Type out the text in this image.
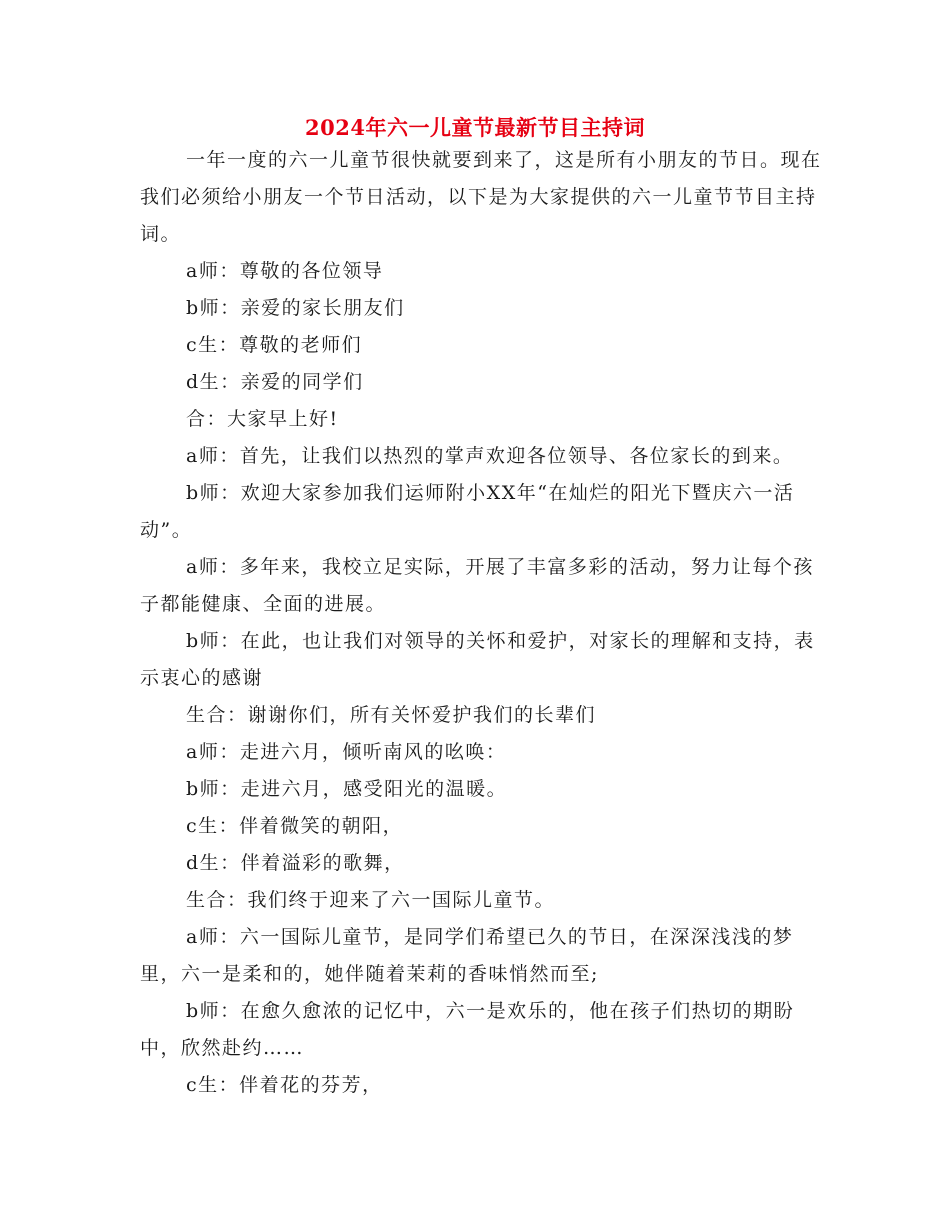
2024年六一儿童节最新节目主持词

一年一度的六一儿童节很快就要到来了，这是所有小朋友的节日。现在我们必须给小朋友一个节日活动，以下是为大家提供的六一儿童节节目主持词。

a师：尊敬的各位领导

b师：亲爱的家长朋友们

c生：尊敬的老师们

d生：亲爱的同学们

合：大家早上好!

a师：首先，让我们以热烈的掌声欢迎各位领导、各位家长的到来。

b师：欢迎大家参加我们运师附小XX年“在灿烂的阳光下暨庆六一活动”。

a师：多年来，我校立足实际，开展了丰富多彩的活动，努力让每个孩子都能健康、全面的进展。

b师：在此，也让我们对领导的关怀和爱护，对家长的理解和支持，表示衷心的感谢

生合：谢谢你们，所有关怀爱护我们的长辈们

a师：走进六月，倾听南风的吆唤：

b师：走进六月，感受阳光的温暖。

c生：伴着微笑的朝阳，

d生：伴着溢彩的歌舞，

生合：我们终于迎来了六一国际儿童节。

a师：六一国际儿童节，是同学们希望已久的节日，在深深浅浅的梦里，六一是柔和的，她伴随着茉莉的香味悄然而至;

b师：在愈久愈浓的记忆中，六一是欢乐的，他在孩子们热切的期盼中，欣然赴约……

c生：伴着花的芬芳，
